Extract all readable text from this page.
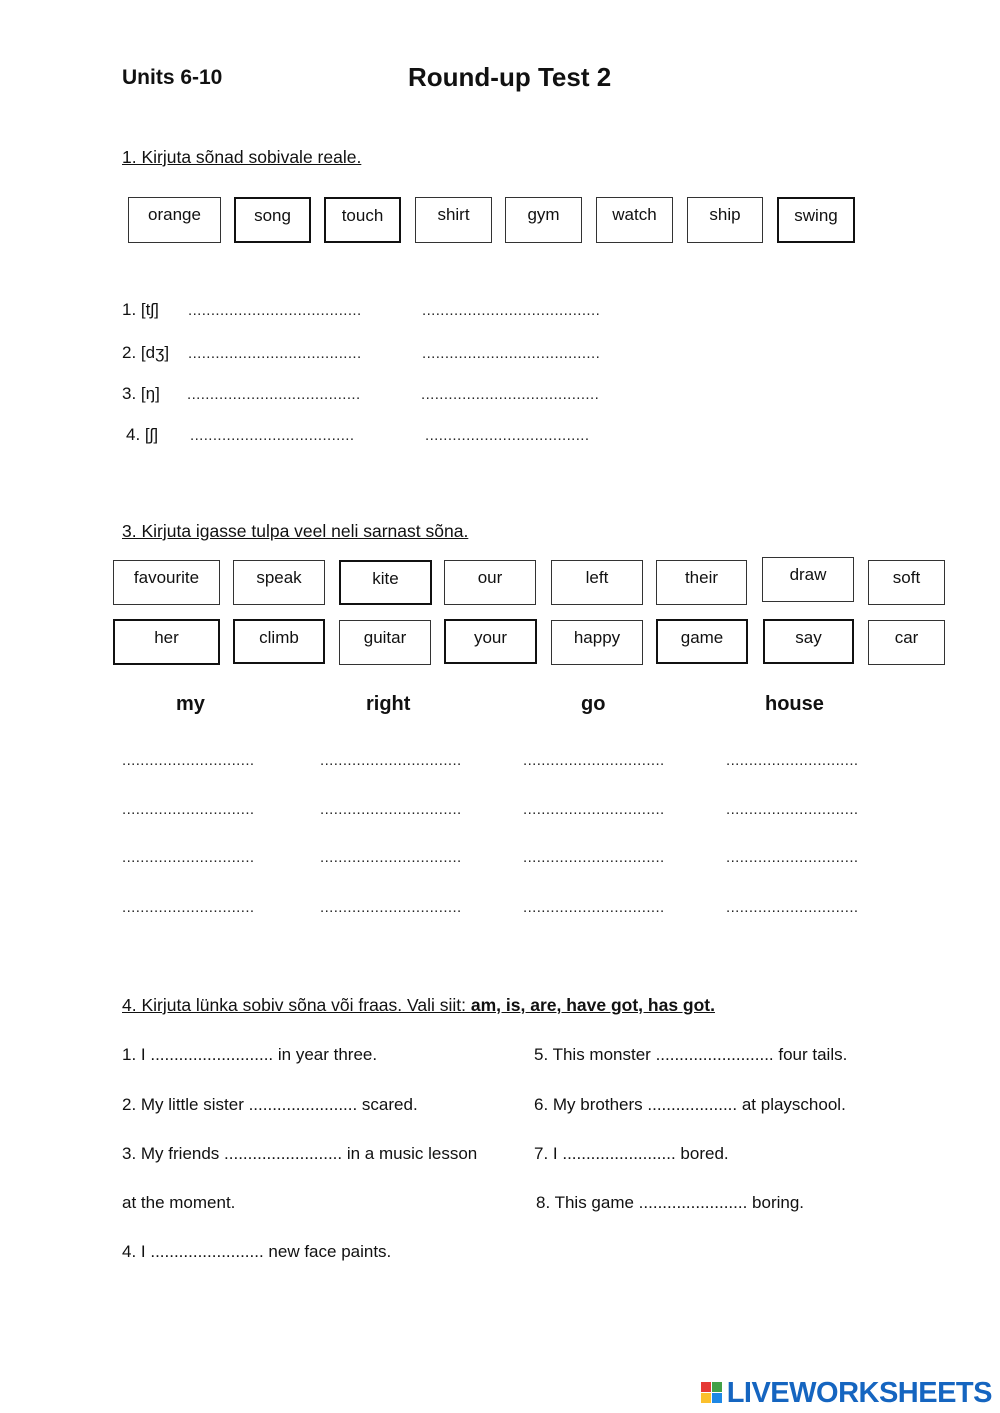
Units 6-10	Round-up Test 2
1. Kirjuta sõnad sobivale reale.
orange	song	touch	shirt	gym	watch	ship	swing
1. [tʃ] ......................................	.......................................
2. [dʒ] ......................................	.......................................
3. [ŋ] ......................................	.......................................
4. [ʃ] ....................................	....................................
3. Kirjuta igasse tulpa veel neli sarnast sõna.
favourite	speak	kite	our	left	their	draw	soft
her	climb	guitar	your	happy	game	say	car
my	right	go	house
.............................	...............................	...............................	.............................
.............................	...............................	...............................	.............................
.............................	...............................	...............................	.............................
.............................	...............................	...............................	.............................
4. Kirjuta lünka sobiv sõna või fraas. Vali siit: am, is, are, have got, has got.
1. I .......................... in year three.
2. My little sister ....................... scared.
3. My friends ......................... in a music lesson
at the moment.
4. I ........................ new face paints.
5. This monster ......................... four tails.
6. My brothers ................... at playschool.
7. I ........................ bored.
8. This game ....................... boring.
LIVEWORKSHEETS
